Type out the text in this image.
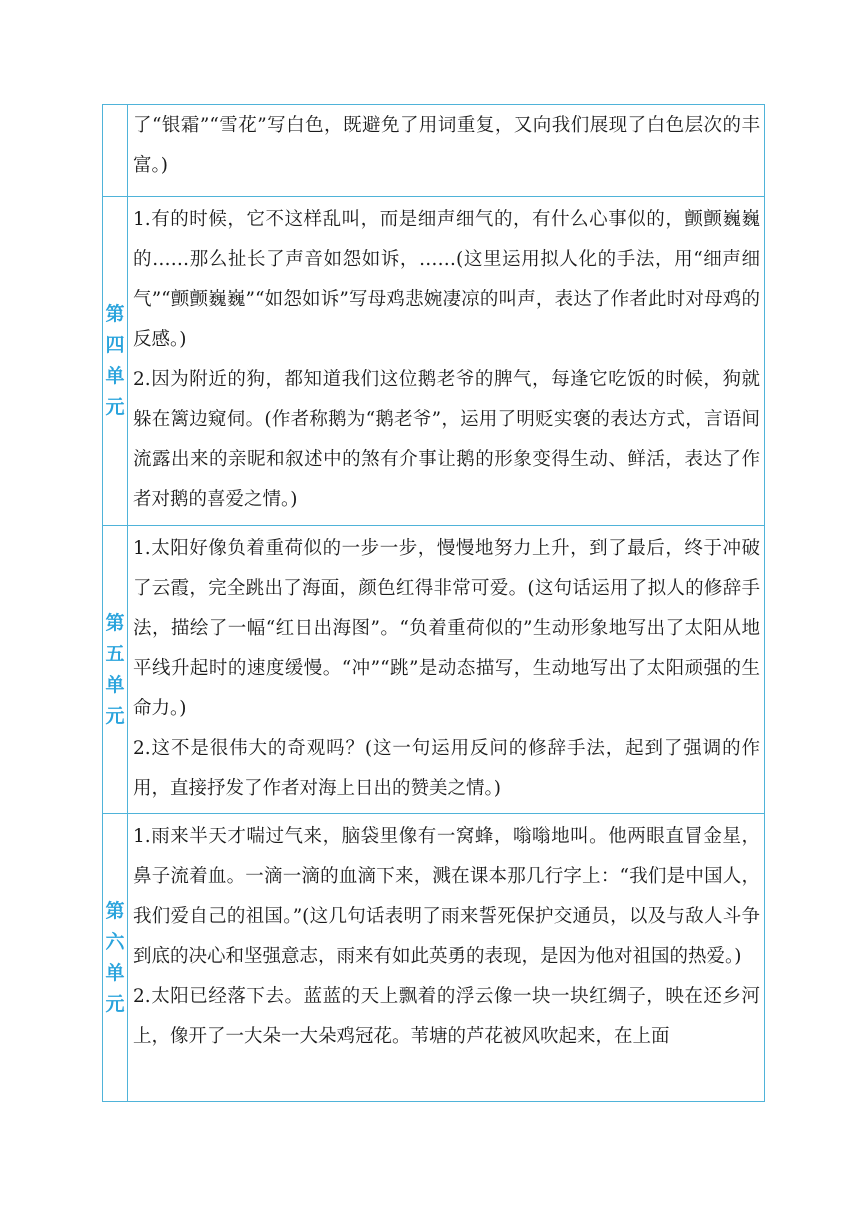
	了“银霜”“雪花”写白色，既避免了用词重复，又向我们展现了白色层次的丰富。)

第四单元	1.有的时候，它不这样乱叫，而是细声细气的，有什么心事似的，颤颤巍巍的……那么扯长了声音如怨如诉，……(这里运用拟人化的手法，用“细声细气”“颤颤巍巍”“如怨如诉”写母鸡悲婉凄凉的叫声，表达了作者此时对母鸡的反感。)

2.因为附近的狗，都知道我们这位鹅老爷的脾气，每逢它吃饭的时候，狗就躲在篱边窥伺。(作者称鹅为“鹅老爷”，运用了明贬实褒的表达方式，言语间流露出来的亲昵和叙述中的煞有介事让鹅的形象变得生动、鲜活，表达了作者对鹅的喜爱之情。)

第五单元	1.太阳好像负着重荷似的一步一步，慢慢地努力上升，到了最后，终于冲破了云霞，完全跳出了海面，颜色红得非常可爱。(这句话运用了拟人的修辞手法，描绘了一幅“红日出海图”。“负着重荷似的”生动形象地写出了太阳从地平线升起时的速度缓慢。“冲”“跳”是动态描写，生动地写出了太阳顽强的生命力。)

2.这不是很伟大的奇观吗？(这一句运用反问的修辞手法，起到了强调的作用，直接抒发了作者对海上日出的赞美之情。)

第六单元	1.雨来半天才喘过气来，脑袋里像有一窝蜂，嗡嗡地叫。他两眼直冒金星，鼻子流着血。一滴一滴的血滴下来，溅在课本那几行字上：“我们是中国人，我们爱自己的祖国。”(这几句话表明了雨来誓死保护交通员，以及与敌人斗争到底的决心和坚强意志，雨来有如此英勇的表现，是因为他对祖国的热爱。)

2.太阳已经落下去。蓝蓝的天上飘着的浮云像一块一块红绸子，映在还乡河上，像开了一大朵一大朵鸡冠花。苇塘的芦花被风吹起来，在上面
